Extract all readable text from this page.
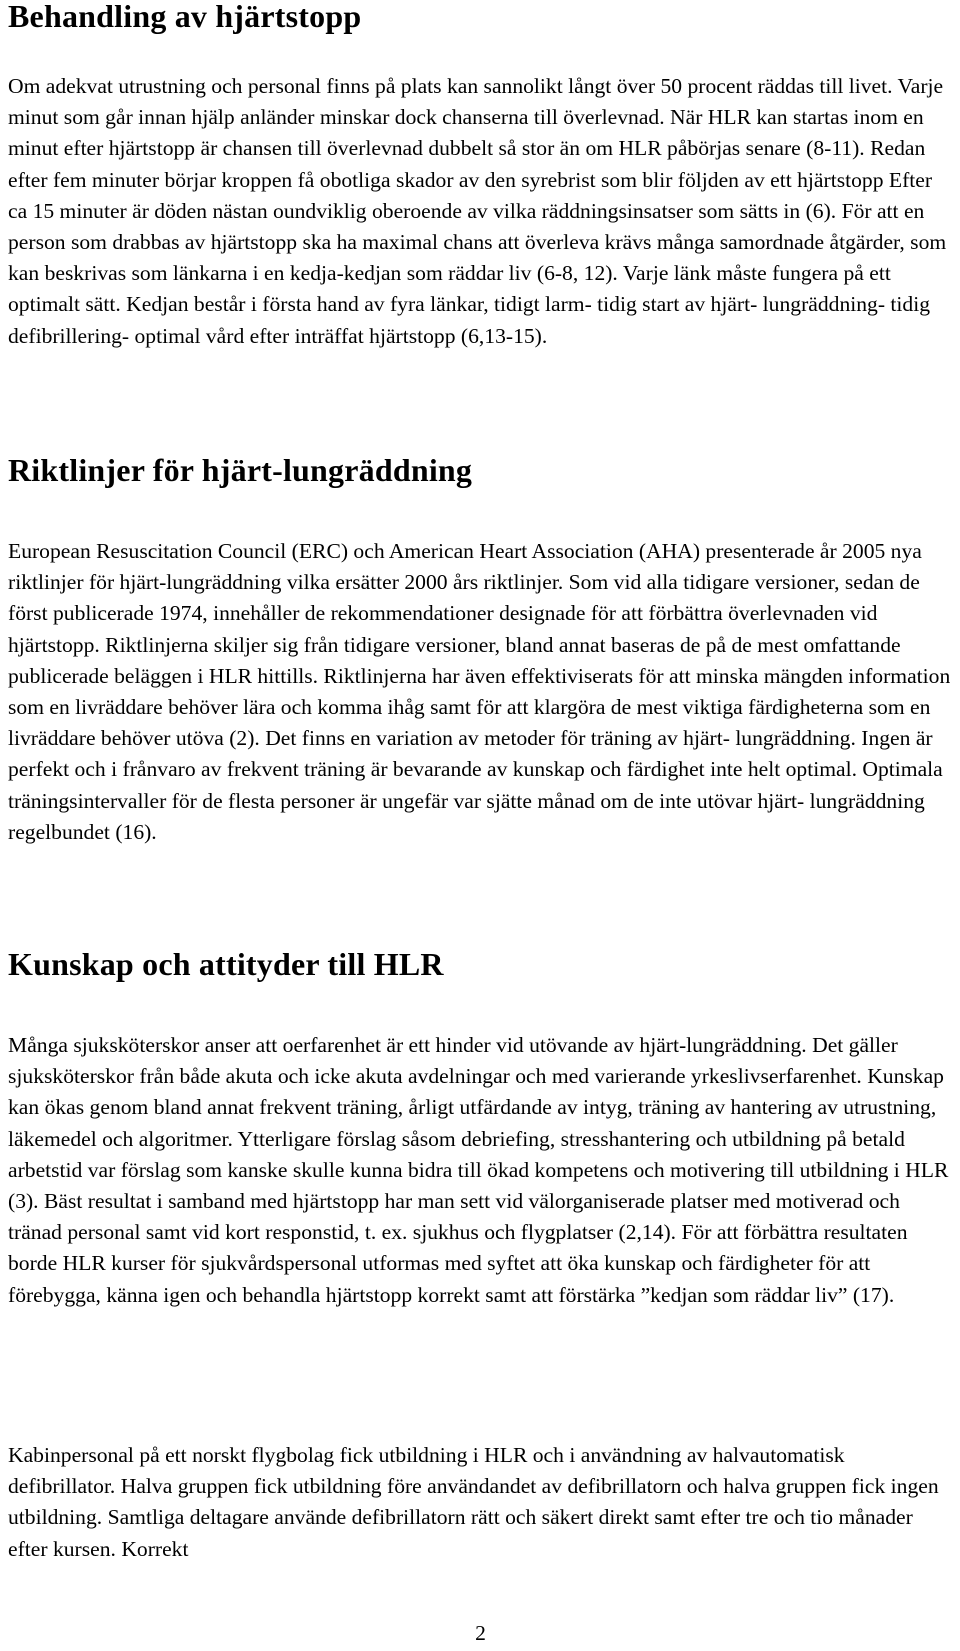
Behandling av hjärtstopp

Om adekvat utrustning och personal finns på plats kan sannolikt långt över 50 procent räddas till livet. Varje minut som går innan hjälp anländer minskar dock chanserna till överlevnad. När HLR kan startas inom en minut efter hjärtstopp är chansen till överlevnad dubbelt så stor än om HLR påbörjas senare (8-11). Redan efter fem minuter börjar kroppen få obotliga skador av den syrebrist som blir följden av ett hjärtstopp Efter ca 15 minuter är döden nästan oundviklig oberoende av vilka räddningsinsatser som sätts in (6). För att en person som drabbas av hjärtstopp ska ha maximal chans att överleva krävs många samordnade åtgärder, som kan beskrivas som länkarna i en kedja-kedjan som räddar liv (6-8, 12). Varje länk måste fungera på ett optimalt sätt. Kedjan består i första hand av fyra länkar, tidigt larm- tidig start av hjärt- lungräddning- tidig defibrillering- optimal vård efter inträffat hjärtstopp (6,13-15).

Riktlinjer för hjärt-lungräddning

European Resuscitation Council (ERC) och American Heart Association (AHA) presenterade år 2005 nya riktlinjer för hjärt-lungräddning vilka ersätter 2000 års riktlinjer. Som vid alla tidigare versioner, sedan de först publicerade 1974, innehåller de rekommendationer designade för att förbättra överlevnaden vid hjärtstopp. Riktlinjerna skiljer sig från tidigare versioner, bland annat baseras de på de mest omfattande publicerade beläggen i HLR hittills. Riktlinjerna har även effektiviserats för att minska mängden information som en livräddare behöver lära och komma ihåg samt för att klargöra de mest viktiga färdigheterna som en livräddare behöver utöva (2). Det finns en variation av metoder för träning av hjärt- lungräddning. Ingen är perfekt och i frånvaro av frekvent träning är bevarande av kunskap och färdighet inte helt optimal. Optimala träningsintervaller för de flesta personer är ungefär var sjätte månad om de inte utövar hjärt- lungräddning regelbundet (16).

Kunskap och attityder till HLR

Många sjuksköterskor anser att oerfarenhet är ett hinder vid utövande av hjärt-lungräddning. Det gäller sjuksköterskor från både akuta och icke akuta avdelningar och med varierande yrkeslivserfarenhet. Kunskap kan ökas genom bland annat frekvent träning, årligt utfärdande av intyg, träning av hantering av utrustning, läkemedel och algoritmer. Ytterligare förslag såsom debriefing, stresshantering och utbildning på betald arbetstid var förslag som kanske skulle kunna bidra till ökad kompetens och motivering till utbildning i HLR (3). Bäst resultat i samband med hjärtstopp har man sett vid välorganiserade platser med motiverad och tränad personal samt vid kort responstid, t. ex. sjukhus och flygplatser (2,14). För att förbättra resultaten borde HLR kurser för sjukvårdspersonal utformas med syftet att öka kunskap och färdigheter för att förebygga, känna igen och behandla hjärtstopp korrekt samt att förstärka ”kedjan som räddar liv” (17).

Kabinpersonal på ett norskt flygbolag fick utbildning i HLR och i användning av halvautomatisk defibrillator. Halva gruppen fick utbildning före användandet av defibrillatorn och halva gruppen fick ingen utbildning. Samtliga deltagare använde defibrillatorn rätt och säkert direkt samt efter tre och tio månader efter kursen. Korrekt

2
